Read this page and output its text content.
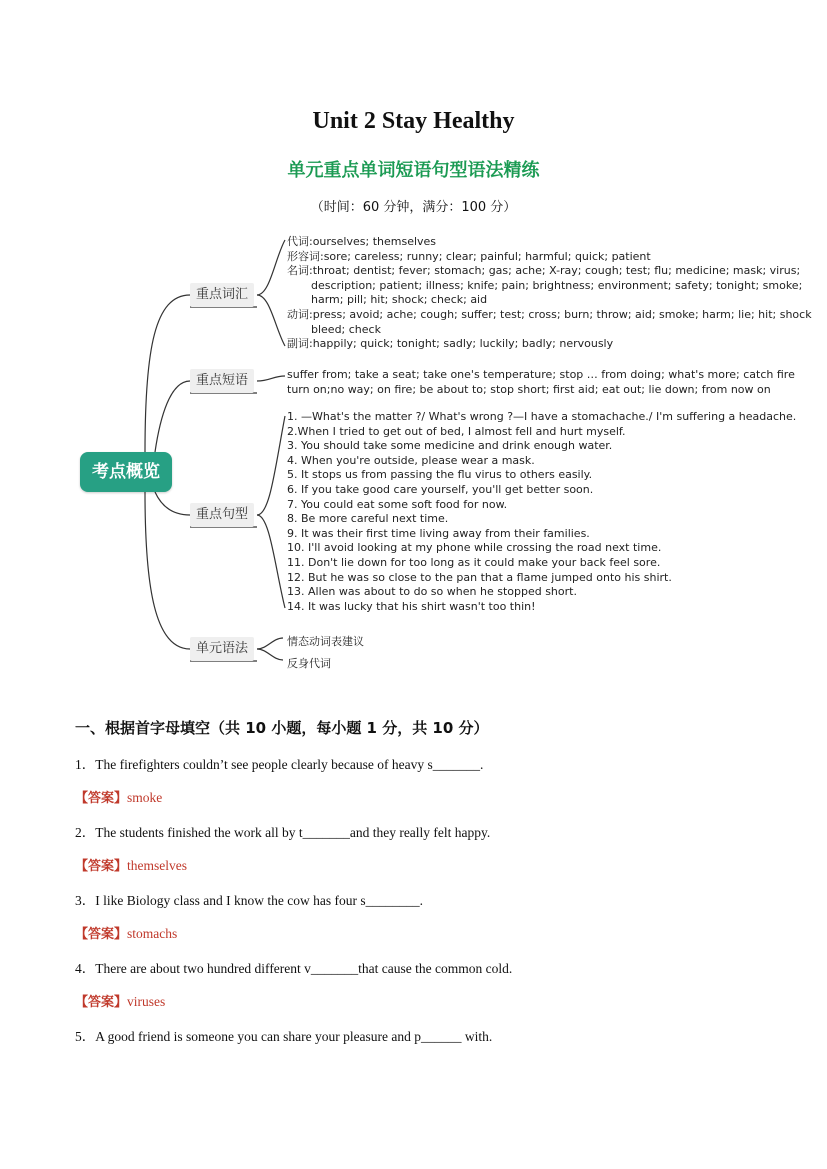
Unit 2 Stay Healthy
单元重点单词短语句型语法精练
（时间：60 分钟，满分：100 分）
考点概览
重点词汇
重点短语
重点句型
单元语法
代词:ourselves; themselves
形容词:sore; careless; runny; clear; painful; harmful; quick; patient
名词:throat; dentist; fever; stomach; gas; ache; X-ray; cough; test; flu; medicine; mask; virus;
description; patient; illness; knife; pain; brightness; environment; safety; tonight; smoke;
harm; pill; hit; shock; check; aid
动词:press; avoid; ache; cough; suffer; test; cross; burn; throw; aid; smoke; harm; lie; hit; shock
bleed; check
副词:happily; quick; tonight; sadly; luckily; badly; nervously
suffer from; take a seat; take one's temperature; stop … from doing; what's more; catch fire
turn on;no way; on fire; be about to; stop short; first aid; eat out; lie down; from now on
1. —What's the matter ?/ What's wrong ?—I have a stomachache./ I'm suffering a headache.
2.When I tried to get out of bed, I almost fell and hurt myself.
3. You should take some medicine and drink enough water.
4. When you're outside, please wear a mask.
5. It stops us from passing the flu virus to others easily.
6. If you take good care yourself, you'll get better soon.
7. You could eat some soft food for now.
8. Be more careful next time.
9. It was their first time living away from their families.
10. I'll avoid looking at my phone while crossing the road next time.
11. Don't lie down for too long as it could make your back feel sore.
12. But he was so close to the pan that a flame jumped onto his shirt.
13. Allen was about to do so when he stopped short.
14. It was lucky that his shirt wasn't too thin!
情态动词表建议
反身代词
一、根据首字母填空（共 10 小题，每小题 1 分，共 10 分）
1．The firefighters couldn’t see people clearly because of heavy s_______.
【答案】smoke
2．The students finished the work all by t_______and they really felt happy.
【答案】themselves
3．I like Biology class and I know the cow has four s________.
【答案】stomachs
4．There are about two hundred different v_______that cause the common cold.
【答案】viruses
5．A good friend is someone you can share your pleasure and p______ with.
